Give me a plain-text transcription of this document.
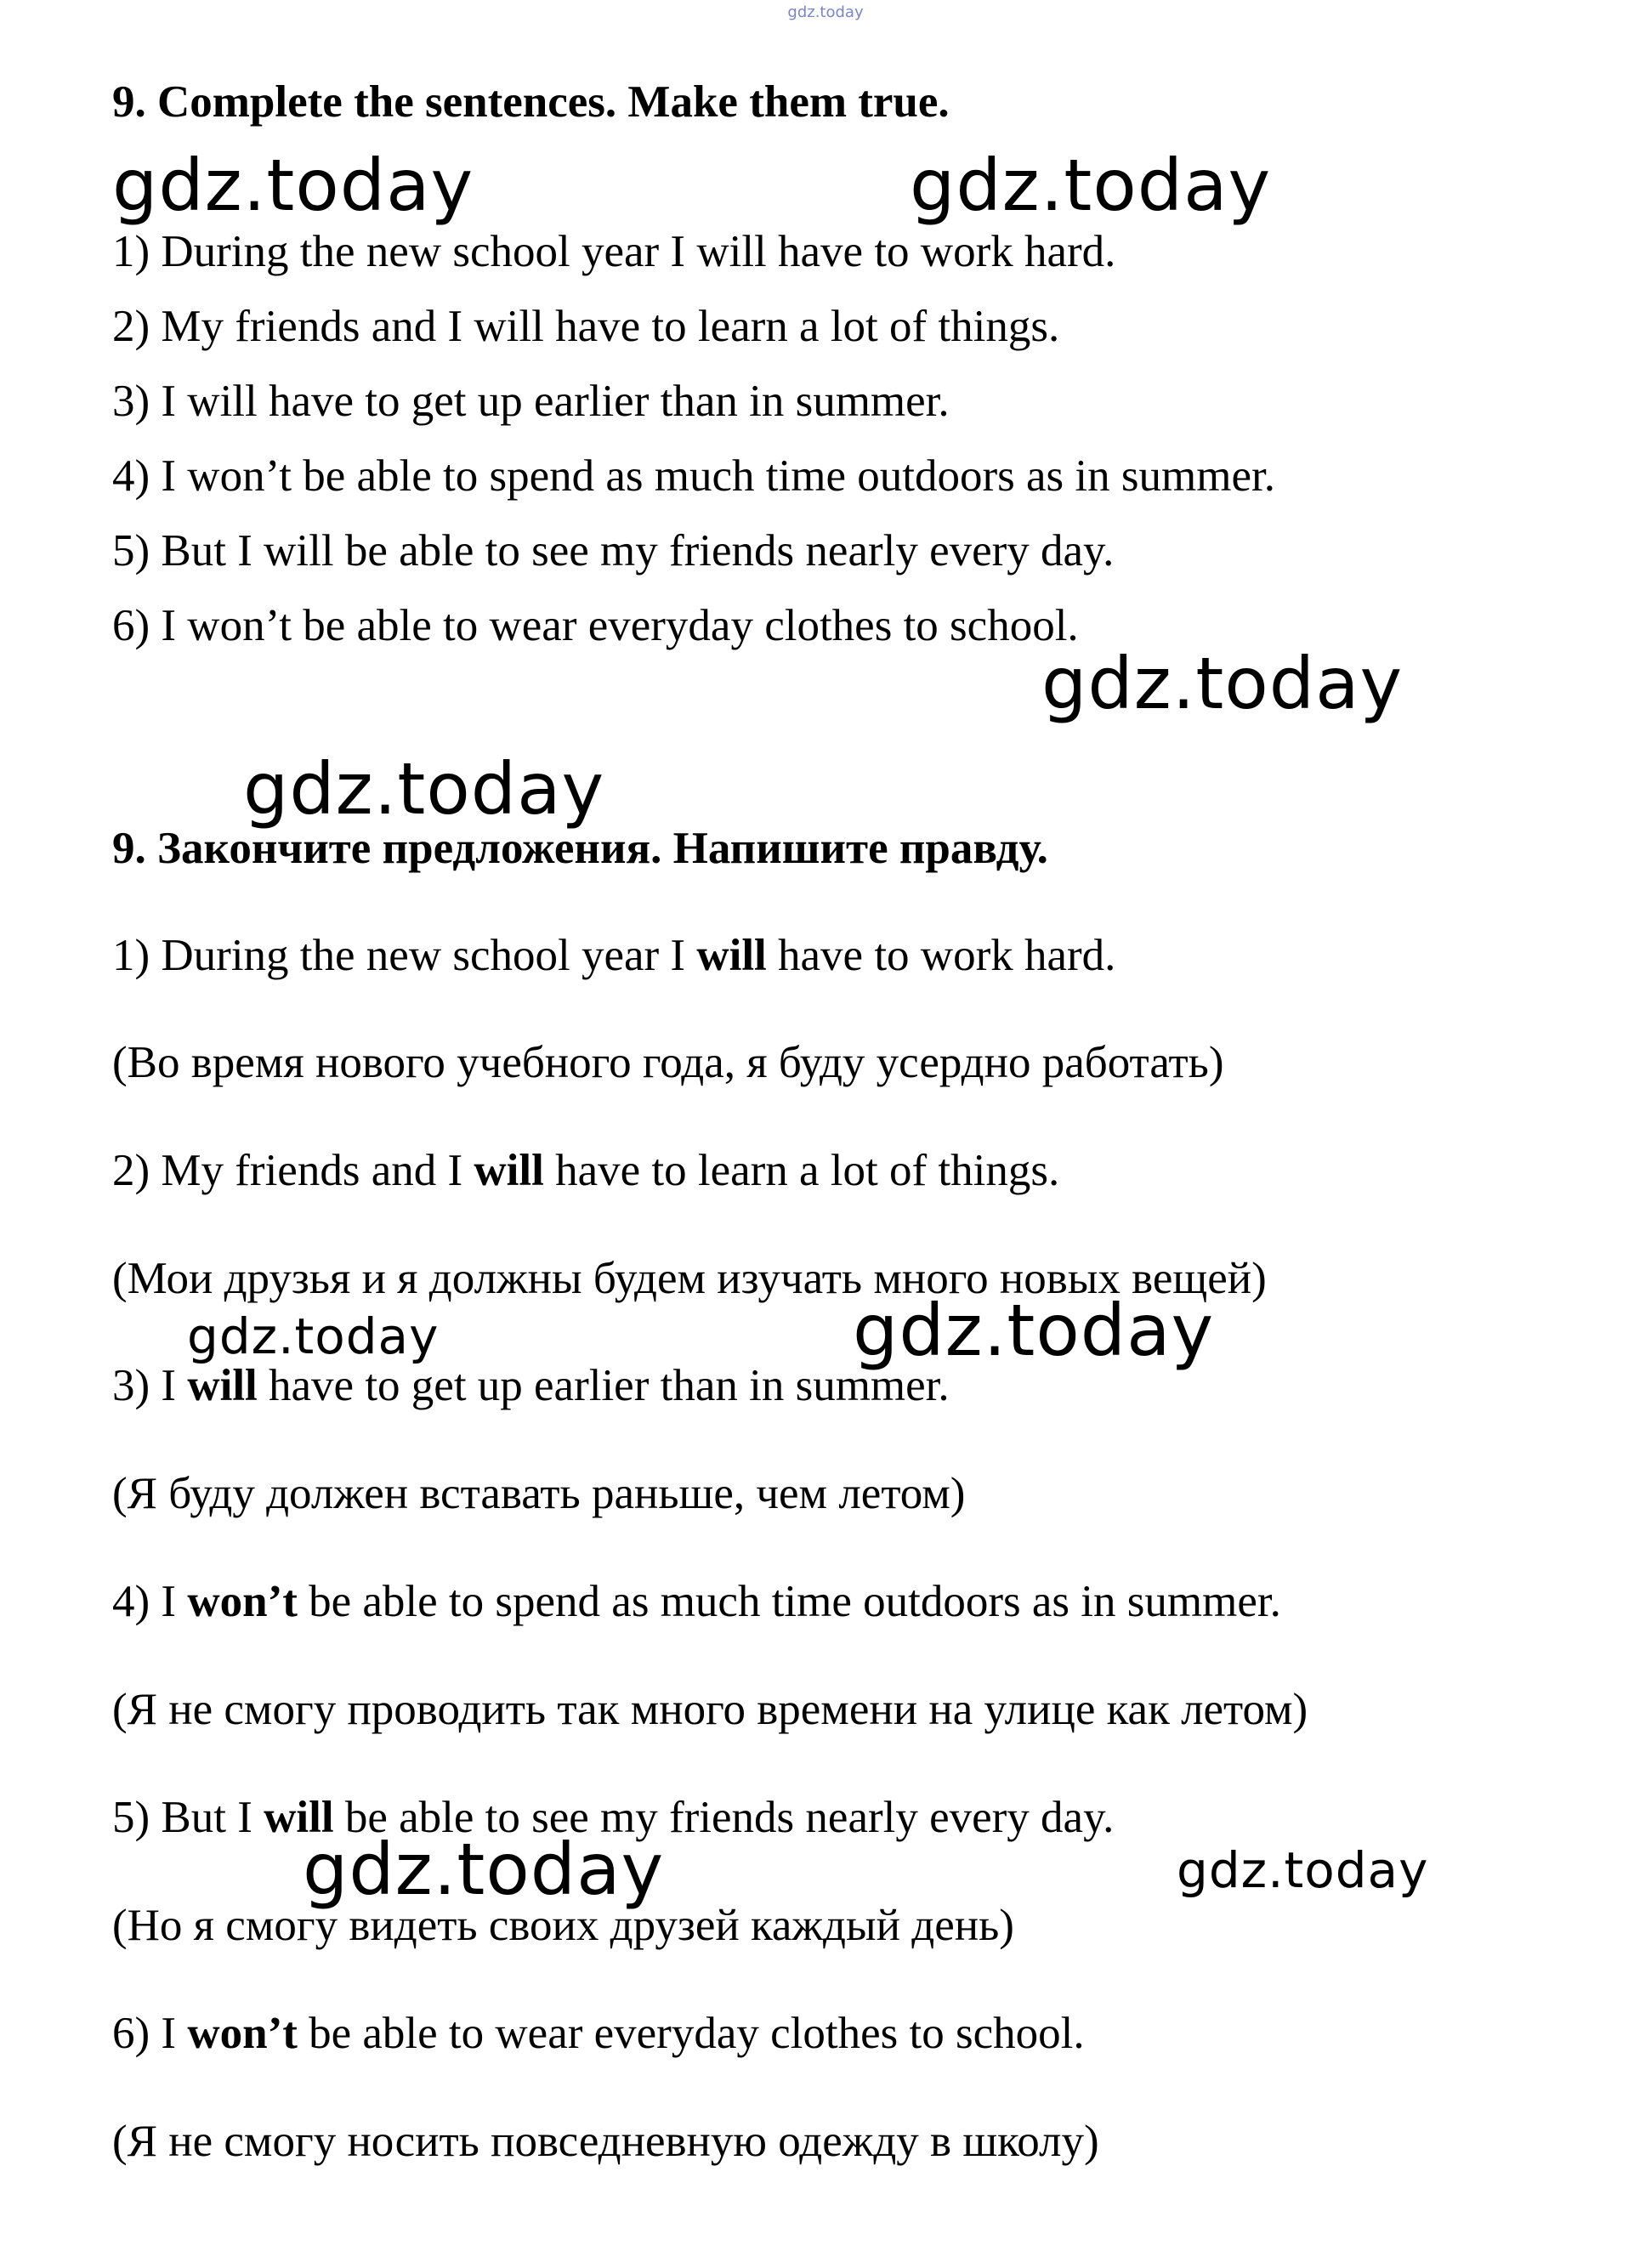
gdz.today
9. Complete the sentences. Make them true.
1) During the new school year I will have to work hard.
2) My friends and I will have to learn a lot of things.
3) I will have to get up earlier than in summer.
4) I won’t be able to spend as much time outdoors as in summer.
5) But I will be able to see my friends nearly every day.
6) I won’t be able to wear everyday clothes to school.
9. Закончите предложения. Напишите правду.
1) During the new school year I will have to work hard.
(Во время нового учебного года, я буду усердно работать)
2) My friends and I will have to learn a lot of things.
(Мои друзья и я должны будем изучать много новых вещей)
3) I will have to get up earlier than in summer.
(Я буду должен вставать раньше, чем летом)
4) I won’t be able to spend as much time outdoors as in summer.
(Я не смогу проводить так много времени на улице как летом)
5) But I will be able to see my friends nearly every day.
(Но я смогу видеть своих друзей каждый день)
6) I won’t be able to wear everyday clothes to school.
(Я не смогу носить повседневную одежду в школу)
gdz.today	gdz.today
gdz.today
gdz.today
gdz.today	gdz.today
gdz.today	gdz.today
